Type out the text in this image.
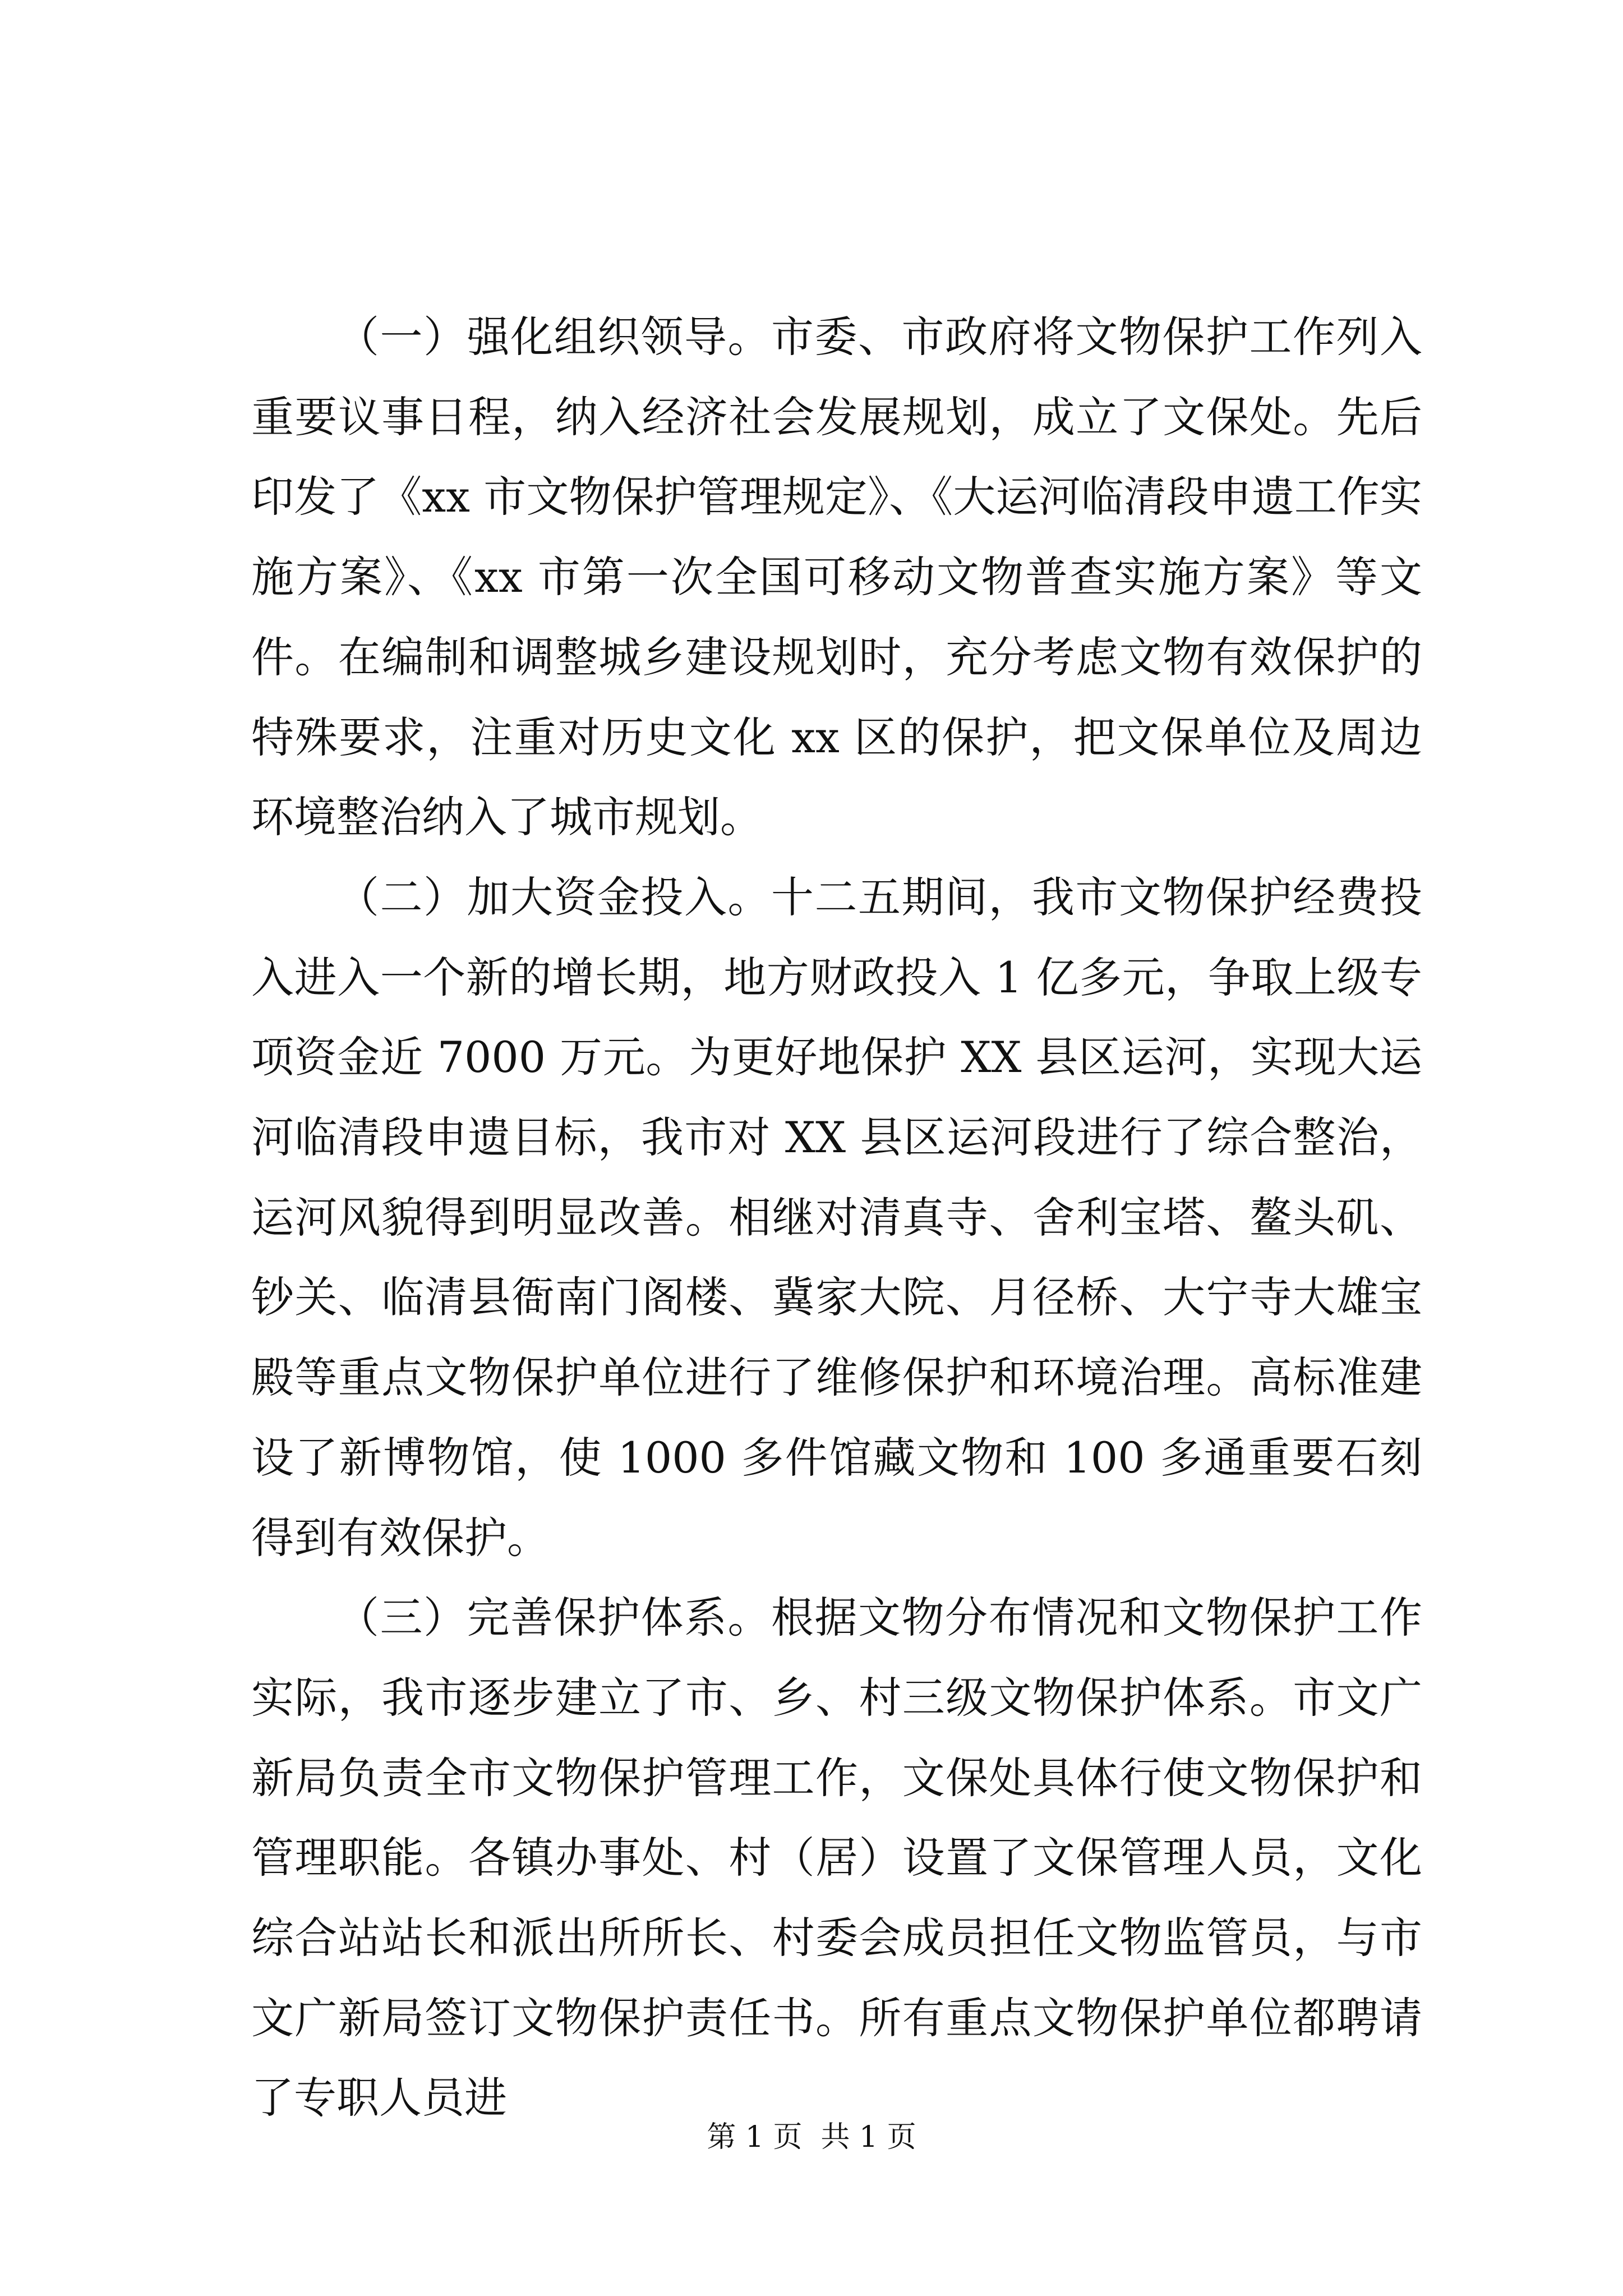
（一）强化组织领导。市委、市政府将文物保护工作列入重要议事日程，纳入经济社会发展规划，成立了文保处。先后印发了《xx 市文物保护管理规定》、《大运河临清段申遗工作实施方案》、《xx 市第一次全国可移动文物普查实施方案》等文件。在编制和调整城乡建设规划时，充分考虑文物有效保护的特殊要求，注重对历史文化 xx 区的保护，把文保单位及周边环境整治纳入了城市规划。

（二）加大资金投入。十二五期间，我市文物保护经费投入进入一个新的增长期，地方财政投入 1 亿多元，争取上级专项资金近 7000 万元。为更好地保护 XX 县区运河，实现大运河临清段申遗目标，我市对 XX 县区运河段进行了综合整治，运河风貌得到明显改善。相继对清真寺、舍利宝塔、鳌头矶、钞关、临清县衙南门阁楼、冀家大院、月径桥、大宁寺大雄宝殿等重点文物保护单位进行了维修保护和环境治理。高标准建设了新博物馆，使 1000 多件馆藏文物和 100 多通重要石刻得到有效保护。

（三）完善保护体系。根据文物分布情况和文物保护工作实际，我市逐步建立了市、乡、村三级文物保护体系。市文广新局负责全市文物保护管理工作，文保处具体行使文物保护和管理职能。各镇办事处、村（居）设置了文保管理人员，文化综合站站长和派出所所长、村委会成员担任文物监管员，与市文广新局签订文物保护责任书。所有重点文物保护单位都聘请了专职人员进

第 1 页  共 1 页
